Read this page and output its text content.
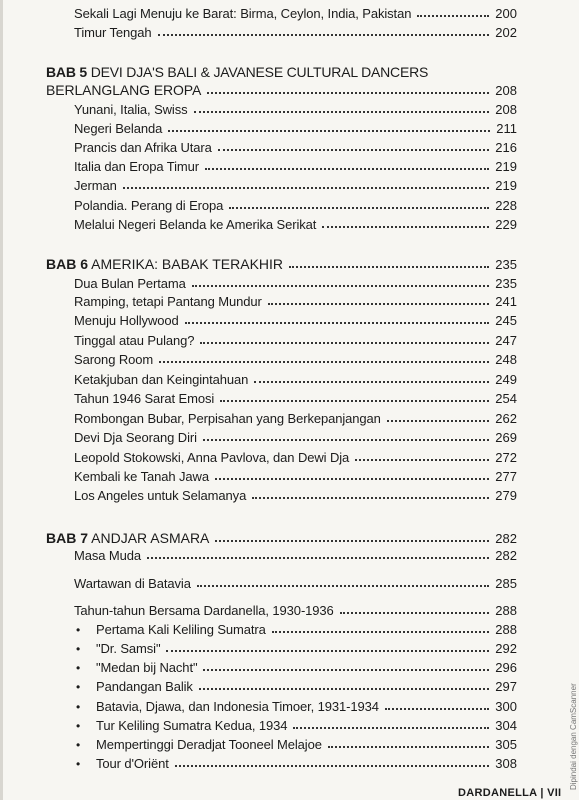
Sekali Lagi Menuju ke Barat: Birma, Ceylon, India, Pakistan	200
Timur Tengah	202
BAB 5 DEVI DJA'S BALI & JAVANESE CULTURAL DANCERS
BERLANGLANG EROPA	208
Yunani, Italia, Swiss	208
Negeri Belanda	211
Prancis dan Afrika Utara	216
Italia dan Eropa Timur	219
Jerman	219
Polandia. Perang di Eropa	228
Melalui Negeri Belanda ke Amerika Serikat	229
BAB 6 AMERIKA: BABAK TERAKHIR	235
Dua Bulan Pertama	235
Ramping, tetapi Pantang Mundur	241
Menuju Hollywood	245
Tinggal atau Pulang?	247
Sarong Room	248
Ketakjuban dan Keingintahuan	249
Tahun 1946 Sarat Emosi	254
Rombongan Bubar, Perpisahan yang Berkepanjangan	262
Devi Dja Seorang Diri	269
Leopold Stokowski, Anna Pavlova, dan Dewi Dja	272
Kembali ke Tanah Jawa	277
Los Angeles untuk Selamanya	279
BAB 7 ANDJAR ASMARA	282
Masa Muda	282
Wartawan di Batavia	285
Tahun-tahun Bersama Dardanella, 1930-1936	288
Pertama Kali Keliling Sumatra	288
•
"Dr. Samsi"	292
•
"Medan bij Nacht"	296
•
Pandangan Balik	297
•
Batavia, Djawa, dan Indonesia Timoer, 1931-1934	300
•
Tur Keliling Sumatra Kedua, 1934	304
•
Mempertinggi Deradjat Tooneel Melajoe	305
•
Tour d'Oriënt	308
•
DARDANELLA | VII
Dipindai dengan CamScanner
